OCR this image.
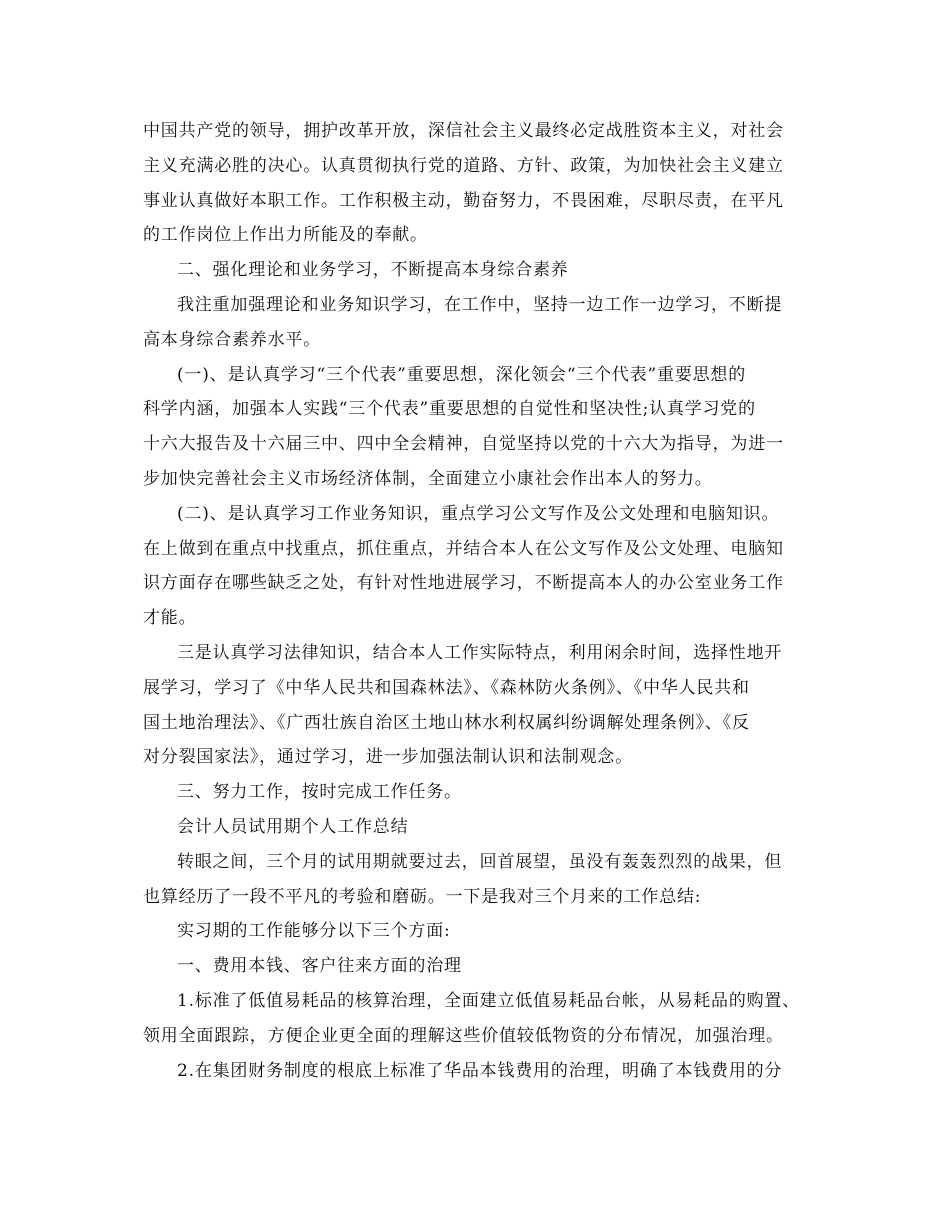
中国共产党的领导，拥护改革开放，深信社会主义最终必定战胜资本主义，对社会
主义充满必胜的决心。认真贯彻执行党的道路、方针、政策，为加快社会主义建立
事业认真做好本职工作。工作积极主动，勤奋努力，不畏困难，尽职尽责，在平凡
的工作岗位上作出力所能及的奉献。
二、强化理论和业务学习，不断提高本身综合素养
我注重加强理论和业务知识学习，在工作中，坚持一边工作一边学习，不断提
高本身综合素养水平。
(一)、是认真学习“三个代表”重要思想，深化领会“三个代表”重要思想的
科学内涵，加强本人实践“三个代表”重要思想的自觉性和坚决性;认真学习党的
十六大报告及十六届三中、四中全会精神，自觉坚持以党的十六大为指导，为进一
步加快完善社会主义市场经济体制，全面建立小康社会作出本人的努力。
(二)、是认真学习工作业务知识，重点学习公文写作及公文处理和电脑知识。
在上做到在重点中找重点，抓住重点，并结合本人在公文写作及公文处理、电脑知
识方面存在哪些缺乏之处，有针对性地进展学习，不断提高本人的办公室业务工作
才能。
三是认真学习法律知识，结合本人工作实际特点，利用闲余时间，选择性地开
展学习，学习了《中华人民共和国森林法》、《森林防火条例》、《中华人民共和
国土地治理法》、《广西壮族自治区土地山林水利权属纠纷调解处理条例》、《反
对分裂国家法》，通过学习，进一步加强法制认识和法制观念。
三、努力工作，按时完成工作任务。
会计人员试用期个人工作总结
转眼之间，三个月的试用期就要过去，回首展望，虽没有轰轰烈烈的战果，但
也算经历了一段不平凡的考验和磨砺。一下是我对三个月来的工作总结:
实习期的工作能够分以下三个方面:
一、费用本钱、客户往来方面的治理
1.标准了低值易耗品的核算治理，全面建立低值易耗品台帐，从易耗品的购置、
领用全面跟踪，方便企业更全面的理解这些价值较低物资的分布情况，加强治理。
2.在集团财务制度的根底上标准了华品本钱费用的治理，明确了本钱费用的分
